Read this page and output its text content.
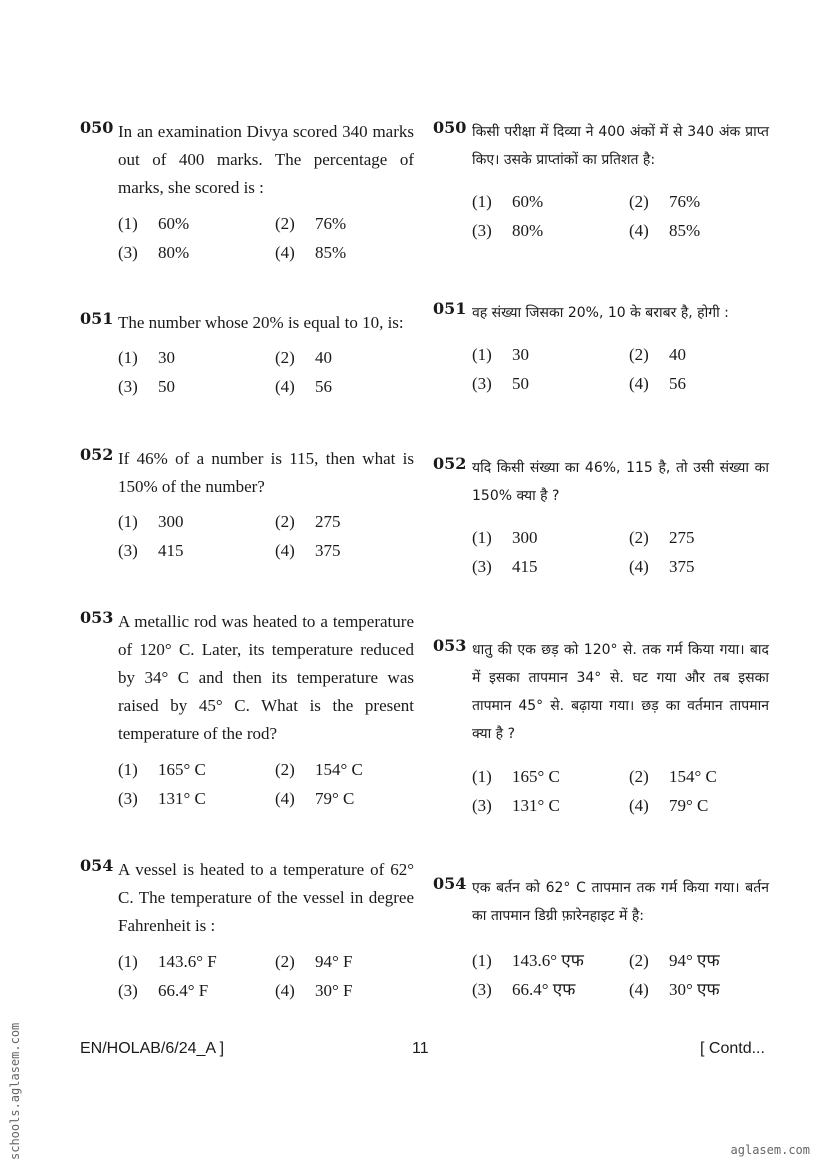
050 In an examination Divya scored 340 marks out of 400 marks. The percentage of marks, she scored is :
(1) 60%	(2) 76%
(3) 80%	(4) 85%
051 The number whose 20% is equal to 10, is:
(1) 30	(2) 40
(3) 50	(4) 56
052 If 46% of a number is 115, then what is 150% of the number?
(1) 300	(2) 275
(3) 415	(4) 375
053 A metallic rod was heated to a temperature of 120° C. Later, its temperature reduced by 34° C and then its temperature was raised by 45° C. What is the present temperature of the rod?
(1) 165° C	(2) 154° C
(3) 131° C	(4) 79° C
054 A vessel is heated to a temperature of 62° C. The temperature of the vessel in degree Fahrenheit is :
(1) 143.6° F	(2) 94° F
(3) 66.4° F	(4) 30° F
050 किसी परीक्षा में दिव्या ने 400 अंकों में से 340 अंक प्राप्त किए। उसके प्राप्तांकों का प्रतिशत है:
(1) 60%	(2) 76%
(3) 80%	(4) 85%
051 वह संख्या जिसका 20%, 10 के बराबर है, होगी :
(1) 30	(2) 40
(3) 50	(4) 56
052 यदि किसी संख्या का 46%, 115 है, तो उसी संख्या का 150% क्या है ?
(1) 300	(2) 275
(3) 415	(4) 375
053 धातु की एक छड़ को 120° से. तक गर्म किया गया। बाद में इसका तापमान 34° से. घट गया और तब इसका तापमान 45° से. बढ़ाया गया। छड़ का वर्तमान तापमान क्या है ?
(1) 165° C	(2) 154° C
(3) 131° C	(4) 79° C
054 एक बर्तन को 62° C तापमान तक गर्म किया गया। बर्तन का तापमान डिग्री फ़ारेनहाइट में है:
(1) 143.6° एफ	(2) 94° एफ
(3) 66.4° एफ	(4) 30° एफ
EN/HOLAB/6/24_A ]	11	[ Contd...
schools.aglasem.com	aglasem.com
